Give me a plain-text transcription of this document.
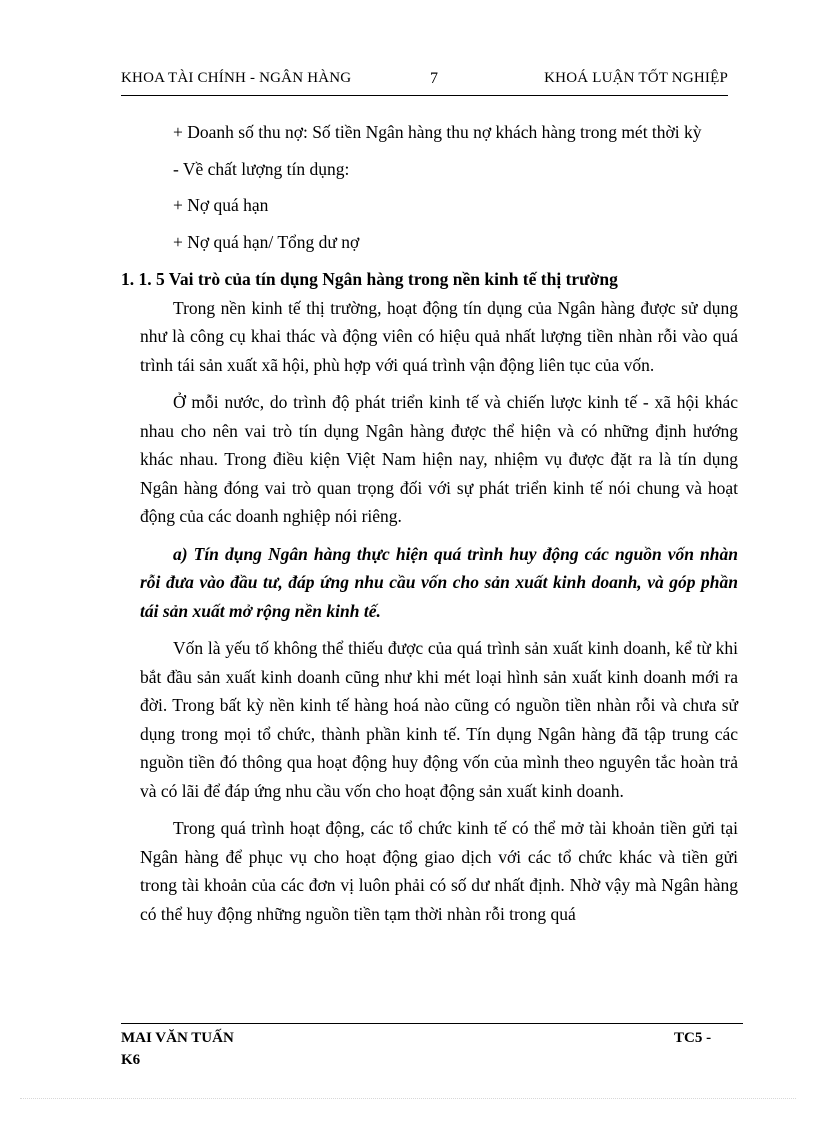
KHOA TÀI CHÍNH - NGÂN HÀNG	7	KHOÁ LUẬN TỐT NGHIỆP

+ Doanh số thu nợ: Số tiền Ngân hàng thu nợ khách hàng trong mét thời kỳ

- Về chất lượng tín dụng:

+ Nợ quá hạn

+ Nợ quá hạn/ Tổng dư nợ

1. 1. 5 Vai trò của tín dụng Ngân hàng trong nền kinh tế thị trường

Trong nền kinh tế thị trường, hoạt động tín dụng của Ngân hàng được sử dụng như là công cụ khai thác và động viên có hiệu quả nhất lượng tiền nhàn rỗi vào quá trình tái sản xuất xã hội, phù hợp với quá trình vận động liên tục của vốn.

Ở mỗi nước, do trình độ phát triển kinh tế và chiến lược kinh tế - xã hội khác nhau cho nên vai trò tín dụng Ngân hàng được thể hiện và có những định hướng khác nhau. Trong điều kiện Việt Nam hiện nay, nhiệm vụ được đặt ra là tín dụng Ngân hàng đóng vai trò quan trọng đối với sự phát triển kinh tế nói chung và hoạt động của các doanh nghiệp nói riêng.

a) Tín dụng Ngân hàng thực hiện quá trình huy động các nguồn vốn nhàn rỗi đưa vào đầu tư, đáp ứng nhu cầu vốn cho sản xuất kinh doanh, và góp phần tái sản xuất mở rộng nền kinh tế.

Vốn là yếu tố không thể thiếu được của quá trình sản xuất kinh doanh, kể từ khi bắt đầu sản xuất kinh doanh cũng như khi mét loại hình sản xuất kinh doanh mới ra đời. Trong bất kỳ nền kinh tế hàng hoá nào cũng có nguồn tiền nhàn rỗi và chưa sử dụng trong mọi tổ chức, thành phần kinh tế. Tín dụng Ngân hàng đã tập trung các nguồn tiền đó thông qua hoạt động huy động vốn của mình theo nguyên tắc hoàn trả và có lãi để đáp ứng nhu cầu vốn cho hoạt động sản xuất kinh doanh.

Trong quá trình hoạt động, các tổ chức kinh tế có thể mở tài khoản tiền gửi tại Ngân hàng để phục vụ cho hoạt động giao dịch với các tổ chức khác và tiền gửi trong tài khoản của các đơn vị luôn phải có số dư nhất định. Nhờ vậy mà Ngân hàng có thể huy động những nguồn tiền tạm thời nhàn rỗi trong quá

MAI VĂN TUẤN	TC5 -
K6
